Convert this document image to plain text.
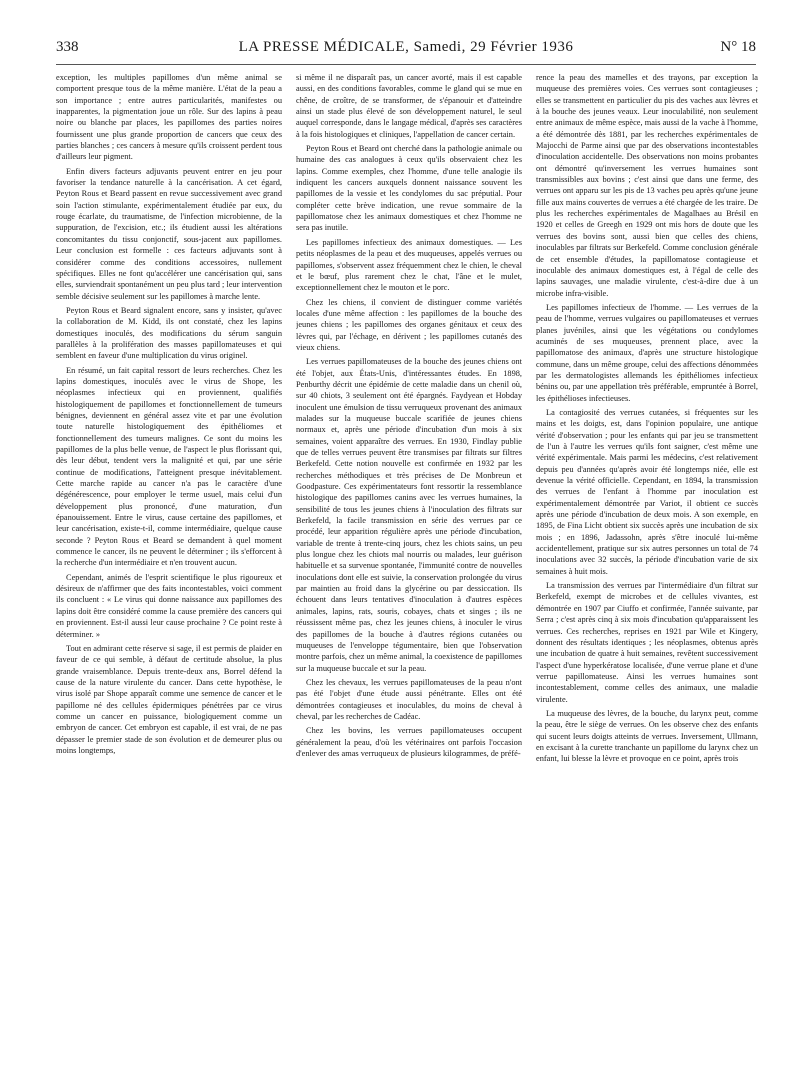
338	LA PRESSE MÉDICALE, Samedi, 29 Février 1936	N° 18

exception, les multiples papillomes d'un même animal se comportent presque tous de la même manière. L'état de la peau a son importance ; entre autres particularités, manifestes ou inapparentes, la pigmentation joue un rôle. Sur des lapins à peau noire ou blanche par places, les papillomes des parties noires fournissent une plus grande proportion de cancers que ceux des parties blanches ; ces cancers à mesure qu'ils croissent perdent tous d'ailleurs leur pigment.

Enfin divers facteurs adjuvants peuvent entrer en jeu pour favoriser la tendance naturelle à la cancérisation. A cet égard, Peyton Rous et Beard passent en revue successivement avec grand soin l'action stimulante, expérimentalement étudiée par eux, du rouge écarlate, du traumatisme, de l'infection microbienne, de la suppuration, de l'excision, etc.; ils étudient aussi les altérations concomitantes du tissu conjonctif, sous-jacent aux papillomes. Leur conclusion est formelle : ces facteurs adjuvants sont à considérer comme des conditions accessoires, nullement spécifiques. Elles ne font qu'accélérer une cancérisation qui, sans elles, surviendrait spontanément un peu plus tard ; leur intervention semble décisive seulement sur les papillomes à marche lente.

Peyton Rous et Beard signalent encore, sans y insister, qu'avec la collaboration de M. Kidd, ils ont constaté, chez les lapins domestiques inoculés, des modifications du sérum sanguin parallèles à la prolifération des masses papillomateuses et qui semblent en faveur d'une multiplication du virus originel.

En résumé, un fait capital ressort de leurs recherches. Chez les lapins domestiques, inoculés avec le virus de Shope, les néoplasmes infectieux qui en proviennent, qualifiés histologiquement de papillomes et fonctionnellement de tumeurs bénignes, deviennent en général assez vite et par une évolution toute naturelle histologiquement des épithéliomes et fonctionnellement des tumeurs malignes. Ce sont du moins les papillomes de la plus belle venue, de l'aspect le plus florissant qui, dès leur début, tendent vers la malignité et qui, par une série continue de modifications, l'atteignent presque inévitablement. Cette marche rapide au cancer n'a pas le caractère d'une dégénérescence, pour employer le terme usuel, mais celui d'un développement plus prononcé, d'une maturation, d'un épanouissement. Entre le virus, cause certaine des papillomes, et leur cancérisation, existe-t-il, comme intermédiaire, quelque cause seconde ? Peyton Rous et Beard se demandent à quel moment commence le cancer, ils ne peuvent le déterminer ; ils s'efforcent à la recherche d'un intermédiaire et n'en trouvent aucun.

Cependant, animés de l'esprit scientifique le plus rigoureux et désireux de n'affirmer que des faits incontestables, voici comment ils concluent : « Le virus qui donne naissance aux papillomes des lapins doit être considéré comme la cause première des cancers qui en proviennent. Est-il aussi leur cause prochaine ? Ce point reste à déterminer. »

Tout en admirant cette réserve si sage, il est permis de plaider en faveur de ce qui semble, à défaut de certitude absolue, la plus grande vraisemblance. Depuis trente-deux ans, Borrel défend la cause de la nature virulente du cancer. Dans cette hypothèse, le virus isolé par Shope apparaît comme une semence de cancer et le papillome né des cellules épidermiques pénétrées par ce virus comme un cancer en puissance, biologiquement comme un embryon de cancer. Cet embryon est capable, il est vrai, de ne pas dépasser le premier stade de son évolution et de demeurer plus ou moins longtemps,

si même il ne disparaît pas, un cancer avorté, mais il est capable aussi, en des conditions favorables, comme le gland qui se mue en chêne, de croître, de se transformer, de s'épanouir et d'atteindre ainsi un stade plus élevé de son développement naturel, le seul auquel corresponde, dans le langage médical, d'après ses caractères à la fois histologiques et cliniques, l'appellation de cancer certain.

Peyton Rous et Beard ont cherché dans la pathologie animale ou humaine des cas analogues à ceux qu'ils observaient chez les lapins. Comme exemples, chez l'homme, d'une telle analogie ils indiquent les cancers auxquels donnent naissance souvent les papillomes de la vessie et les condylomes du sac préputial. Pour compléter cette brève indication, une revue sommaire de la papillomatose chez les animaux domestiques et chez l'homme ne sera pas inutile.

Les papillomes infectieux des animaux domestiques. — Les petits néoplasmes de la peau et des muqueuses, appelés verrues ou papillomes, s'observent assez fréquemment chez le chien, le cheval et le bœuf, plus rarement chez le chat, l'âne et le mulet, exceptionnellement chez le mouton et le porc.

Chez les chiens, il convient de distinguer comme variétés locales d'une même affection : les papillomes de la bouche des jeunes chiens ; les papillomes des organes génitaux et ceux des lèvres qui, par l'échage, en dérivent ; les papillomes cutanés des vieux chiens.

Les verrues papillomateuses de la bouche des jeunes chiens ont été l'objet, aux États-Unis, d'intéressantes études. En 1898, Penburthy décrit une épidémie de cette maladie dans un chenil où, sur 40 chiots, 3 seulement ont été épargnés. Faydyean et Hobday inoculent une émulsion de tissu verruqueux provenant des animaux malades sur la muqueuse buccale scarifiée de jeunes chiens normaux et, après une période d'incubation d'un mois à six semaines, voient apparaître des verrues. En 1930, Findlay publie que de telles verrues peuvent être transmises par filtrats sur filtres Berkefeld. Cette notion nouvelle est confirmée en 1932 par les recherches méthodiques et très précises de De Monbreun et Goodpasture. Ces expérimentateurs font ressortir la ressemblance histologique des papillomes canins avec les verrues humaines, la sensibilité de tous les jeunes chiens à l'inoculation des filtrats sur Berkefeld, la facile transmission en série des verrues par ce procédé, leur apparition régulière après une période d'incubation, variable de trente à trente-cinq jours, chez les chiots sains, un peu plus longue chez les chiots mal nourris ou malades, leur guérison habituelle et sa survenue spontanée, l'immunité contre de nouvelles inoculations dont elle est suivie, la conservation prolongée du virus par maintien au froid dans la glycérine ou par dessiccation. Ils échouent dans leurs tentatives d'inoculation à d'autres espèces animales, lapins, rats, souris, cobayes, chats et singes ; ils ne réussissent même pas, chez les jeunes chiens, à inoculer le virus des papillomes de la bouche à d'autres régions cutanées ou muqueuses de l'enveloppe tégumentaire, bien que l'observation montre parfois, chez un même animal, la coexistence de papillomes sur la muqueuse buccale et sur la peau.

Chez les chevaux, les verrues papillomateuses de la peau n'ont pas été l'objet d'une étude aussi pénétrante. Elles ont été démontrées contagieuses et inoculables, du moins de cheval à cheval, par les recherches de Cadéac.

Chez les bovins, les verrues papillomateuses occupent généralement la peau, d'où les vétérinaires ont parfois l'occasion d'enlever des amas verruqueux de plusieurs kilogrammes, de préfé-

rence la peau des mamelles et des trayons, par exception la muqueuse des premières voies. Ces verrues sont contagieuses ; elles se transmettent en particulier du pis des vaches aux lèvres et à la bouche des jeunes veaux. Leur inoculabilité, non seulement entre animaux de même espèce, mais aussi de la vache à l'homme, a été démontrée dès 1881, par les recherches expérimentales de Majocchi de Parme ainsi que par des observations incontestables d'inoculation accidentelle. Des observations non moins probantes ont démontré qu'inversement les verrues humaines sont transmissibles aux bovins ; c'est ainsi que dans une ferme, des verrues ont apparu sur les pis de 13 vaches peu après qu'une jeune fille aux mains couvertes de verrues a été chargée de les traire. De plus les recherches expérimentales de Magalhaes au Brésil en 1920 et celles de Greegh en 1929 ont mis hors de doute que les verrues des bovins sont, aussi bien que celles des chiens, inoculables par filtrats sur Berkefeld. Comme conclusion générale de cet ensemble d'études, la papillomatose contagieuse et inoculable des animaux domestiques est, à l'égal de celle des lapins sauvages, une maladie virulente, c'est-à-dire due à un microbe infra-visible.

Les papillomes infectieux de l'homme. — Les verrues de la peau de l'homme, verrues vulgaires ou papillomateuses et verrues planes juvéniles, ainsi que les végétations ou condylomes acuminés de ses muqueuses, prennent place, avec la papillomatose des animaux, d'après une structure histologique commune, dans un même groupe, celui des affections dénommées par les dermatologistes allemands les épithéliomes infectieux bénins ou, par une appellation très préférable, empruntée à Borrel, les épithélioses infectieuses.

La contagiosité des verrues cutanées, si fréquentes sur les mains et les doigts, est, dans l'opinion populaire, une antique vérité d'observation ; pour les enfants qui par jeu se transmettent de l'un à l'autre les verrues qu'ils font saigner, c'est même une vérité expérimentale. Mais parmi les médecins, c'est relativement depuis peu d'années qu'après avoir été longtemps niée, elle est devenue la vérité officielle. Cependant, en 1894, la transmission des verrues de l'enfant à l'homme par inoculation est expérimentalement démontrée par Variot, il obtient ce succès après une période d'incubation de deux mois. A son exemple, en 1895, de Fina Licht obtient six succès après une incubation de six mois ; en 1896, Jadassohn, après s'être inoculé lui-même accidentellement, pratique sur six autres personnes un total de 74 inoculations avec 32 succès, la période d'incubation varie de six semaines à huit mois.

La transmission des verrues par l'intermédiaire d'un filtrat sur Berkefeld, exempt de microbes et de cellules vivantes, est démontrée en 1907 par Ciuffo et confirmée, l'année suivante, par Serra ; c'est après cinq à six mois d'incubation qu'apparaissent les verrues. Ces recherches, reprises en 1921 par Wile et Kingery, donnent des résultats identiques ; les néoplasmes, obtenus après une incubation de quatre à huit semaines, revêtent successivement l'aspect d'une hyperkératose localisée, d'une verrue plane et d'une verrue papillomateuse. Ainsi les verrues humaines sont incontestablement, comme celles des animaux, une maladie virulente.

La muqueuse des lèvres, de la bouche, du larynx peut, comme la peau, être le siège de verrues. On les observe chez des enfants qui sucent leurs doigts atteints de verrues. Inversement, Ullmann, en excisant à la curette tranchante un papillome du larynx chez un enfant, lui blesse la lèvre et provoque en ce point, après trois
